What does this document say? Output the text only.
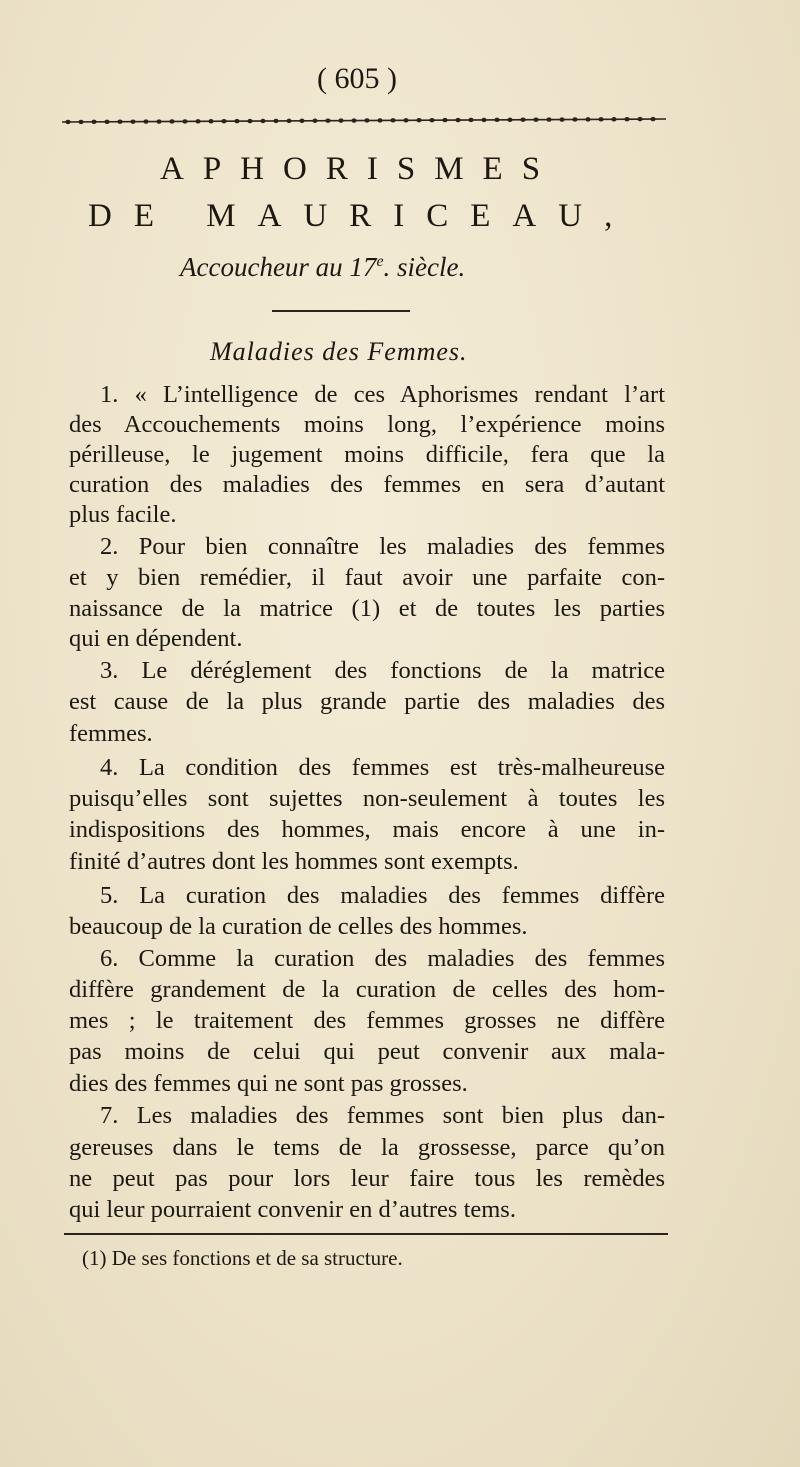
( 605 )
APHORISMES
DE MAURICEAU,
Accoucheur au 17e. siècle.
Maladies des Femmes.
1. « L’intelligence de ces Aphorismes rendant l’art
des Accouchements moins long, l’expérience moins
périlleuse, le jugement moins difficile, fera que la
curation des maladies des femmes en sera d’autant
plus facile.
2. Pour bien connaître les maladies des femmes
et y bien remédier, il faut avoir une parfaite con-
naissance de la matrice (1) et de toutes les parties
qui en dépendent.
3. Le déréglement des fonctions de la matrice
est cause de la plus grande partie des maladies des
femmes.
4. La condition des femmes est très-malheureuse
puisqu’elles sont sujettes non-seulement à toutes les
indispositions des hommes, mais encore à une in-
finité d’autres dont les hommes sont exempts.
5. La curation des maladies des femmes diffère
beaucoup de la curation de celles des hommes.
6. Comme la curation des maladies des femmes
diffère grandement de la curation de celles des hom-
mes ; le traitement des femmes grosses ne diffère
pas moins de celui qui peut convenir aux mala-
dies des femmes qui ne sont pas grosses.
7. Les maladies des femmes sont bien plus dan-
gereuses dans le tems de la grossesse, parce qu’on
ne peut pas pour lors leur faire tous les remèdes
qui leur pourraient convenir en d’autres tems.
(1) De ses fonctions et de sa structure.
